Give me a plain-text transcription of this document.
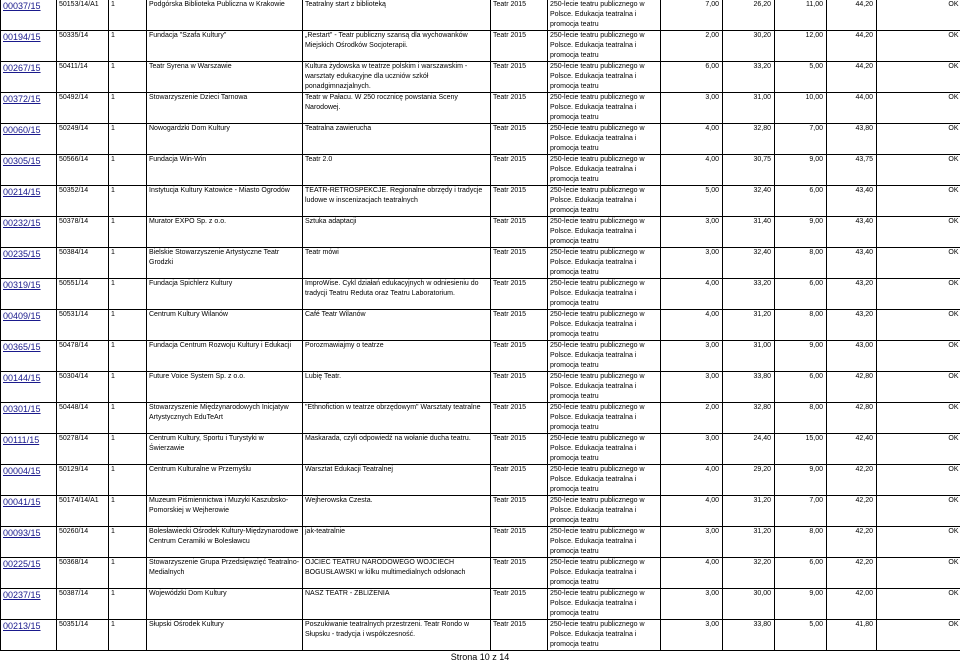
00037/15	50153/14/A1	1	Podgórska Biblioteka Publiczna w Krakowie	Teatralny start z biblioteką	Teatr 2015	250-lecie teatru publicznego w Polsce. Edukacja teatralna i promocja teatru	7,00	26,20	11,00	44,20	OK
00194/15	50335/14	1	Fundacja "Szafa Kultury"	„Restart" - Teatr publiczny szansą dla wychowanków Miejskich Ośrodków Socjoterapii.	Teatr 2015	250-lecie teatru publicznego w Polsce. Edukacja teatralna i promocja teatru	2,00	30,20	12,00	44,20	OK
00267/15	50411/14	1	Teatr Syrena w Warszawie	Kultura żydowska w teatrze polskim i warszawskim - warsztaty edukacyjne dla uczniów szkół ponadgimnazjalnych.	Teatr 2015	250-lecie teatru publicznego w Polsce. Edukacja teatralna i promocja teatru	6,00	33,20	5,00	44,20	OK
00372/15	50492/14	1	Stowarzyszenie Dzieci Tarnowa	Teatr w Pałacu. W 250 rocznicę powstania Sceny Narodowej.	Teatr 2015	250-lecie teatru publicznego w Polsce. Edukacja teatralna i promocja teatru	3,00	31,00	10,00	44,00	OK
00060/15	50249/14	1	Nowogardzki Dom Kultury	Teatralna zawierucha	Teatr 2015	250-lecie teatru publicznego w Polsce. Edukacja teatralna i promocja teatru	4,00	32,80	7,00	43,80	OK
00305/15	50566/14	1	Fundacja Win-Win	Teatr 2.0	Teatr 2015	250-lecie teatru publicznego w Polsce. Edukacja teatralna i promocja teatru	4,00	30,75	9,00	43,75	OK
00214/15	50352/14	1	Instytucja Kultury Katowice - Miasto Ogrodów	TEATR-RETROSPEKCJE. Regionalne obrzędy i tradycje ludowe w inscenizacjach teatralnych	Teatr 2015	250-lecie teatru publicznego w Polsce. Edukacja teatralna i promocja teatru	5,00	32,40	6,00	43,40	OK
00232/15	50378/14	1	Murator EXPO Sp. z o.o.	Sztuka adaptacji	Teatr 2015	250-lecie teatru publicznego w Polsce. Edukacja teatralna i promocja teatru	3,00	31,40	9,00	43,40	OK
00235/15	50384/14	1	Bielskie Stowarzyszenie Artystyczne Teatr Grodzki	Teatr mówi	Teatr 2015	250-lecie teatru publicznego w Polsce. Edukacja teatralna i promocja teatru	3,00	32,40	8,00	43,40	OK
00319/15	50551/14	1	Fundacja Spichlerz Kultury	ImproWise. Cykl działań edukacyjnych w odniesieniu do tradycji Teatru Reduta oraz Teatru Laboratorium.	Teatr 2015	250-lecie teatru publicznego w Polsce. Edukacja teatralna i promocja teatru	4,00	33,20	6,00	43,20	OK
00409/15	50531/14	1	Centrum Kultury Wilanów	Café Teatr Wilanów	Teatr 2015	250-lecie teatru publicznego w Polsce. Edukacja teatralna i promocja teatru	4,00	31,20	8,00	43,20	OK
00365/15	50478/14	1	Fundacja Centrum Rozwoju Kultury i Edukacji	Porozmawiajmy o teatrze	Teatr 2015	250-lecie teatru publicznego w Polsce. Edukacja teatralna i promocja teatru	3,00	31,00	9,00	43,00	OK
00144/15	50304/14	1	Future Voice System Sp. z o.o.	Lubię Teatr.	Teatr 2015	250-lecie teatru publicznego w Polsce. Edukacja teatralna i promocja teatru	3,00	33,80	6,00	42,80	OK
00301/15	50448/14	1	Stowarzyszenie Międzynarodowych Inicjatyw Artystycznych EduTeArt	"Ethnofiction w teatrze obrzędowym" Warsztaty teatralne	Teatr 2015	250-lecie teatru publicznego w Polsce. Edukacja teatralna i promocja teatru	2,00	32,80	8,00	42,80	OK
00111/15	50278/14	1	Centrum Kultury, Sportu i Turystyki w Świerzawie	Maskarada, czyli odpowiedź na wołanie ducha teatru.	Teatr 2015	250-lecie teatru publicznego w Polsce. Edukacja teatralna i promocja teatru	3,00	24,40	15,00	42,40	OK
00004/15	50129/14	1	Centrum Kulturalne w Przemyślu	Warsztat Edukacji Teatralnej	Teatr 2015	250-lecie teatru publicznego w Polsce. Edukacja teatralna i promocja teatru	4,00	29,20	9,00	42,20	OK
00041/15	50174/14/A1	1	Muzeum Piśmiennictwa i Muzyki Kaszubsko-Pomorskiej w Wejherowie	Wejherowska Czesta.	Teatr 2015	250-lecie teatru publicznego w Polsce. Edukacja teatralna i promocja teatru	4,00	31,20	7,00	42,20	OK
00093/15	50260/14	1	Bolesławiecki Ośrodek Kultury-Międzynarodowe Centrum Ceramiki w Bolesławcu	jak-teatralnie	Teatr 2015	250-lecie teatru publicznego w Polsce. Edukacja teatralna i promocja teatru	3,00	31,20	8,00	42,20	OK
00225/15	50368/14	1	Stowarzyszenie Grupa Przedsięwzięć Teatralno-Medialnych	OJCIEC TEATRU NARODOWEGO WOJCIECH BOGUSŁAWSKI w kilku multimedialnych odsłonach	Teatr 2015	250-lecie teatru publicznego w Polsce. Edukacja teatralna i promocja teatru	4,00	32,20	6,00	42,20	OK
00237/15	50387/14	1	Wojewódzki Dom Kultury	NASZ TEATR - ZBLIŻENIA	Teatr 2015	250-lecie teatru publicznego w Polsce. Edukacja teatralna i promocja teatru	3,00	30,00	9,00	42,00	OK
00213/15	50351/14	1	Słupski Ośrodek Kultury	Poszukiwanie teatralnych przestrzeni. Teatr Rondo w Słupsku - tradycja i współczesność.	Teatr 2015	250-lecie teatru publicznego w Polsce. Edukacja teatralna i promocja teatru	3,00	33,80	5,00	41,80	OK
Strona 10 z 14
